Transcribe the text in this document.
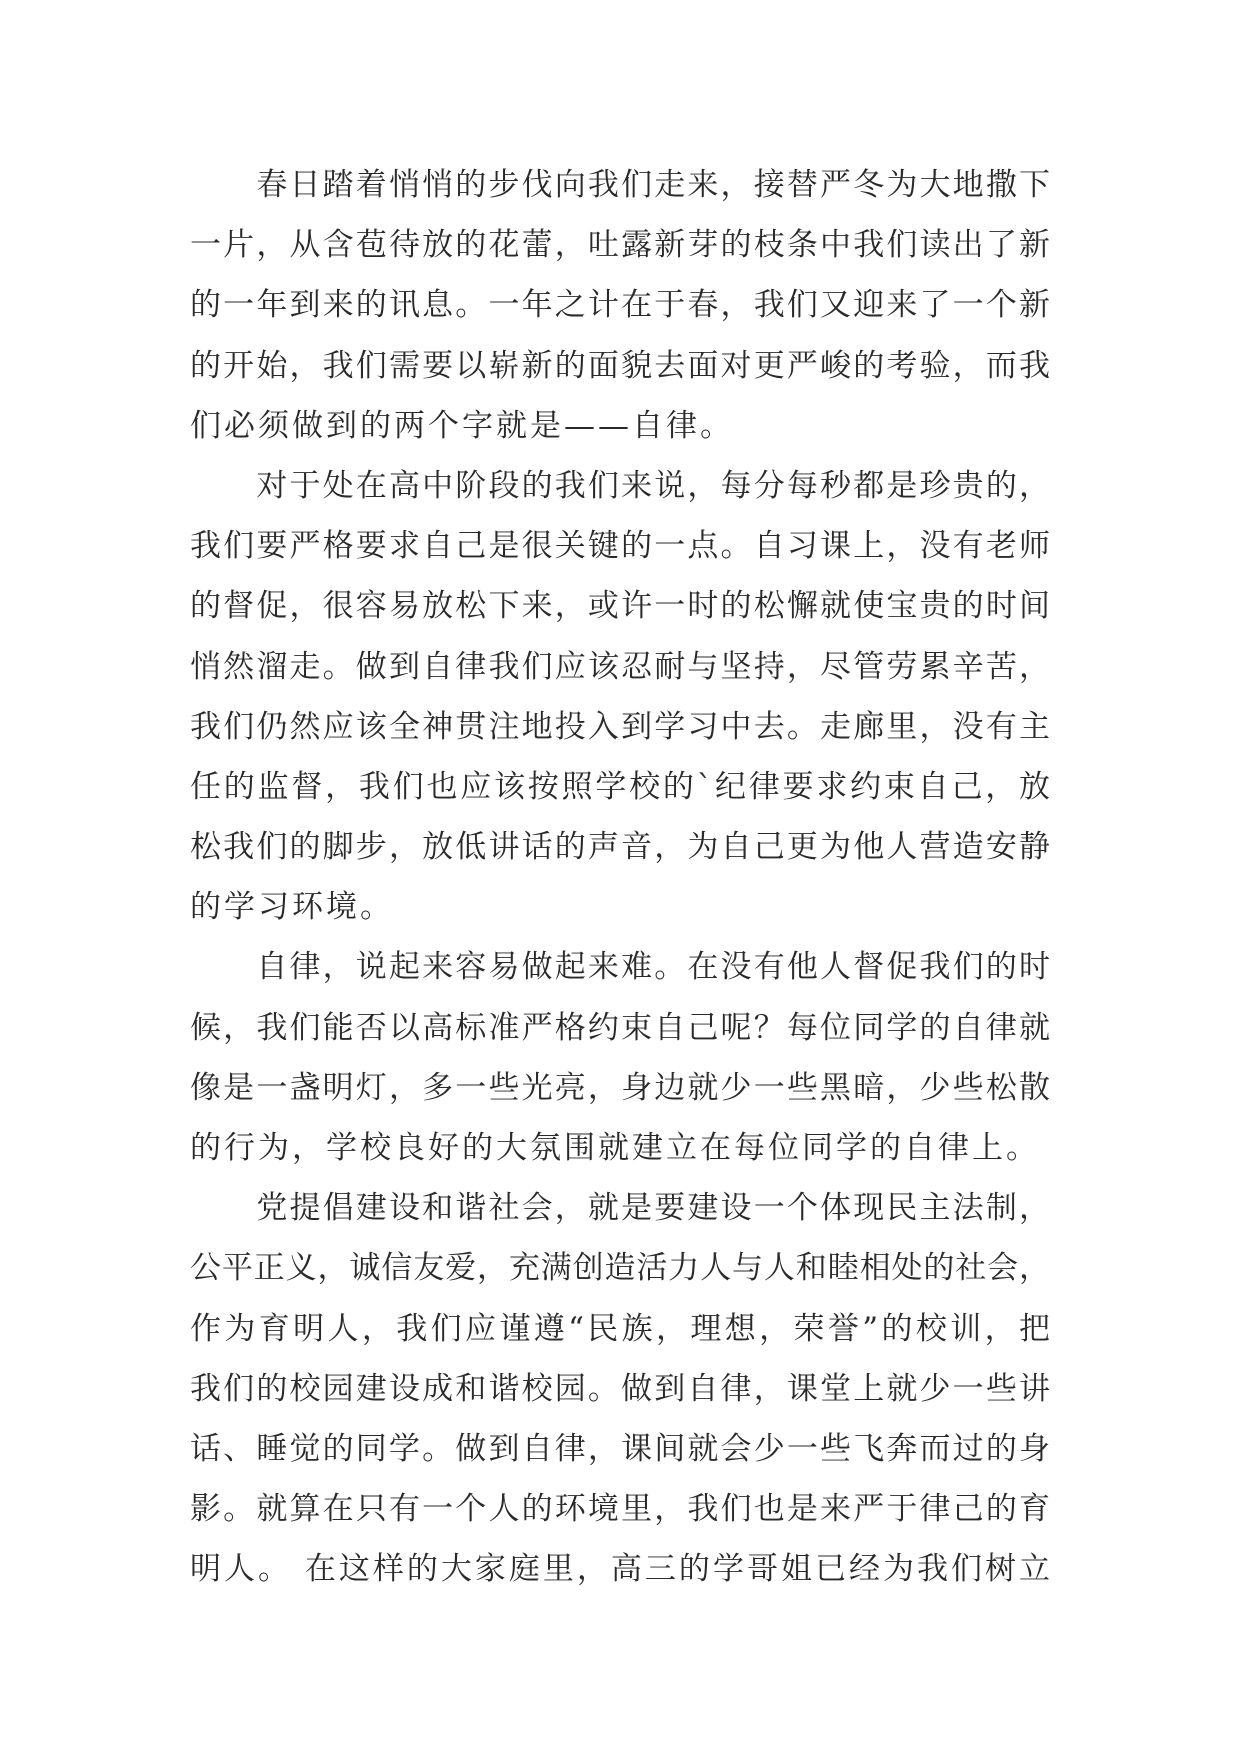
　　春日踏着悄悄的步伐向我们走来，接替严冬为大地撒下
一片，从含苞待放的花蕾，吐露新芽的枝条中我们读出了新
的一年到来的讯息。一年之计在于春，我们又迎来了一个新
的开始，我们需要以崭新的面貌去面对更严峻的考验，而我
们必须做到的两个字就是——自律。
　　对于处在高中阶段的我们来说，每分每秒都是珍贵的，
我们要严格要求自己是很关键的一点。自习课上，没有老师
的督促，很容易放松下来，或许一时的松懈就使宝贵的时间
悄然溜走。做到自律我们应该忍耐与坚持，尽管劳累辛苦，
我们仍然应该全神贯注地投入到学习中去。走廊里，没有主
任的监督，我们也应该按照学校的`纪律要求约束自己，放
松我们的脚步，放低讲话的声音，为自己更为他人营造安静
的学习环境。
　　自律，说起来容易做起来难。在没有他人督促我们的时
候，我们能否以高标准严格约束自己呢？每位同学的自律就
像是一盏明灯，多一些光亮，身边就少一些黑暗，少些松散
的行为，学校良好的大氛围就建立在每位同学的自律上。
　　党提倡建设和谐社会，就是要建设一个体现民主法制，
公平正义，诚信友爱，充满创造活力人与人和睦相处的社会，
作为育明人，我们应谨遵“民族，理想，荣誉”的校训，把
我们的校园建设成和谐校园。做到自律，课堂上就少一些讲
话、睡觉的同学。做到自律，课间就会少一些飞奔而过的身
影。就算在只有一个人的环境里，我们也是来严于律己的育
明人。 在这样的大家庭里，高三的学哥姐已经为我们树立
